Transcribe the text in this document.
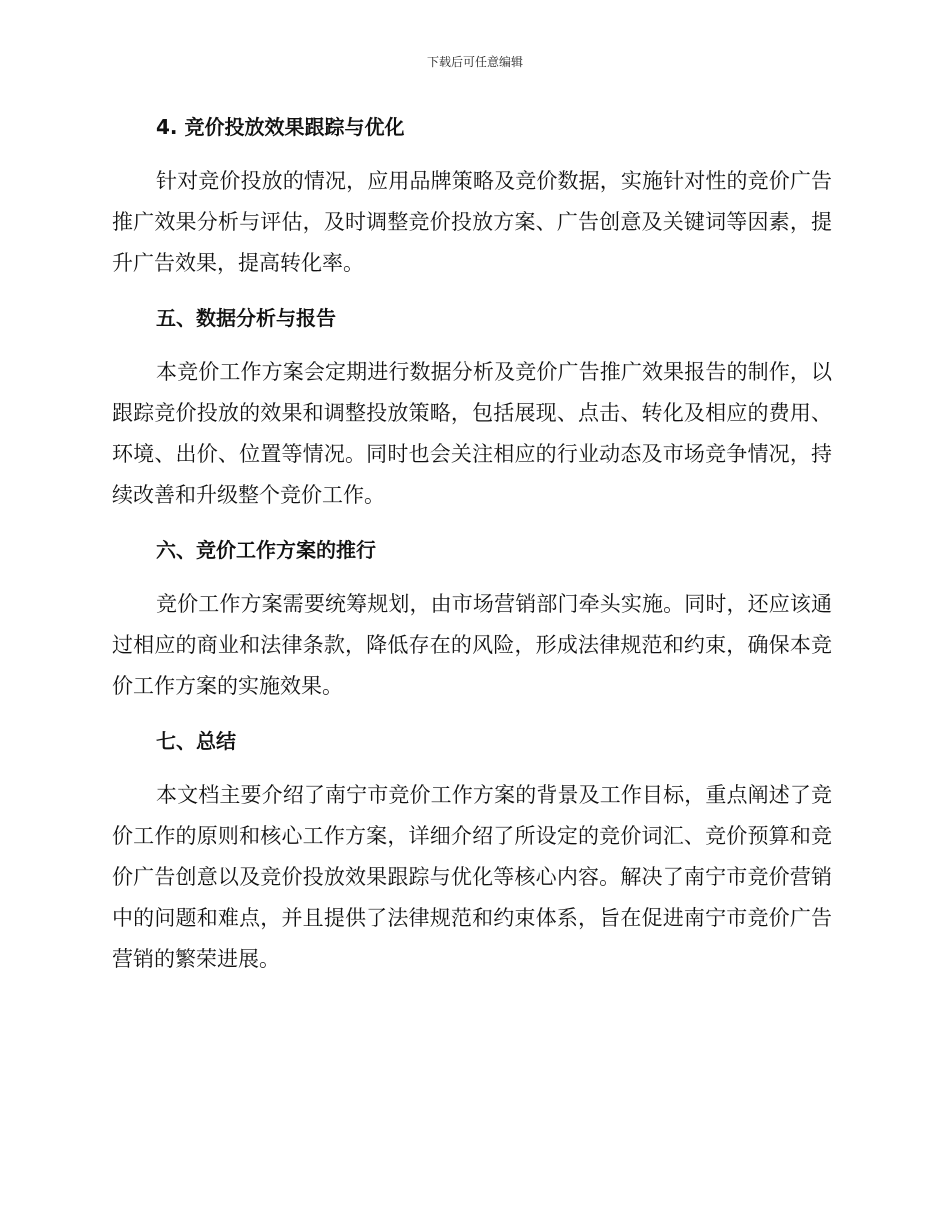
下载后可任意编辑
4. 竞价投放效果跟踪与优化

针对竞价投放的情况，应用品牌策略及竞价数据，实施针对性的竞价广告推广效果分析与评估，及时调整竞价投放方案、广告创意及关键词等因素，提升广告效果，提高转化率。

五、数据分析与报告

本竞价工作方案会定期进行数据分析及竞价广告推广效果报告的制作，以跟踪竞价投放的效果和调整投放策略，包括展现、点击、转化及相应的费用、环境、出价、位置等情况。同时也会关注相应的行业动态及市场竞争情况，持续改善和升级整个竞价工作。

六、竞价工作方案的推行

竞价工作方案需要统筹规划，由市场营销部门牵头实施。同时，还应该通过相应的商业和法律条款，降低存在的风险，形成法律规范和约束，确保本竞价工作方案的实施效果。

七、总结

本文档主要介绍了南宁市竞价工作方案的背景及工作目标，重点阐述了竞价工作的原则和核心工作方案，详细介绍了所设定的竞价词汇、竞价预算和竞价广告创意以及竞价投放效果跟踪与优化等核心内容。解决了南宁市竞价营销中的问题和难点，并且提供了法律规范和约束体系，旨在促进南宁市竞价广告营销的繁荣进展。
